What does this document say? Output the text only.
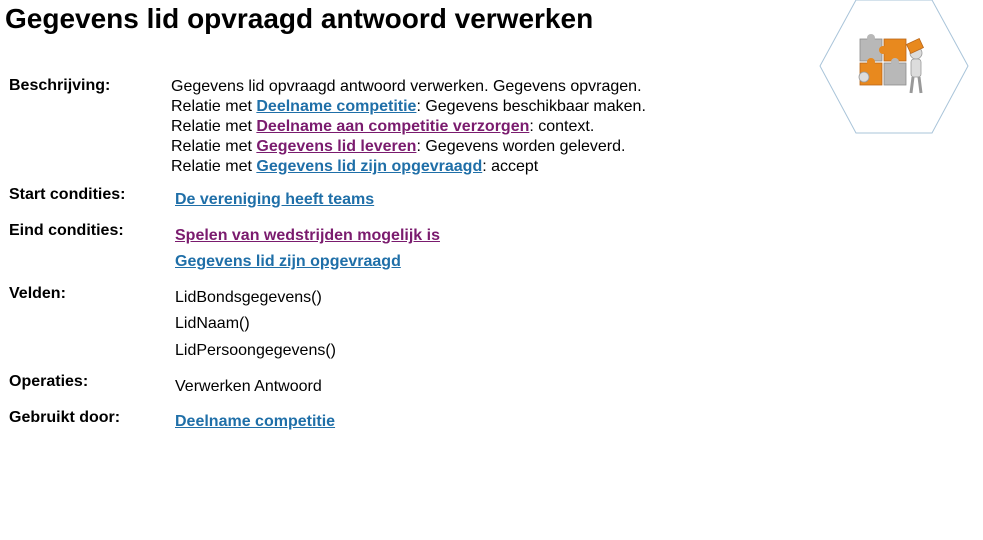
Gegevens lid opvraagd antwoord verwerken
Beschrijving:	Gegevens lid opvraagd antwoord verwerken. Gegevens opvragen.
Relatie met Deelname competitie: Gegevens beschikbaar maken.
Relatie met Deelname aan competitie verzorgen: context.
Relatie met Gegevens lid leveren: Gegevens worden geleverd.
Relatie met Gegevens lid zijn opgevraagd: accept
Start condities:	De vereniging heeft teams
Eind condities:	Spelen van wedstrijden mogelijk is
Gegevens lid zijn opgevraagd
Velden:	LidBondsgegevens()
LidNaam()
LidPersoongegevens()
Operaties:	Verwerken Antwoord
Gebruikt door:	Deelname competitie
